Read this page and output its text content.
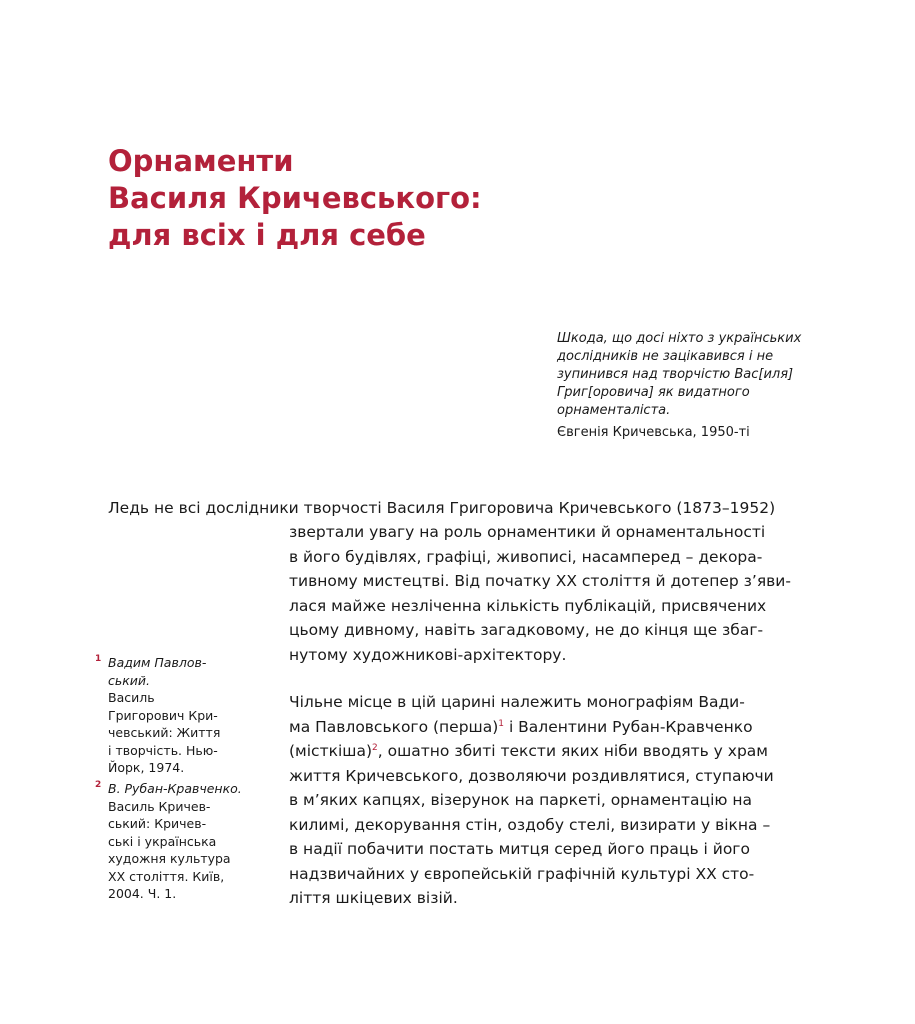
Орнаменти
Василя Кричевського:
для всіх і для себе
Шкода, що досі ніхто з українських
дослідників не зацікавився і не
зупинився над творчістю Вас[иля]
Григ[оровича] як видатного
орнаменталіста.
Євгенія Кричевська, 1950-ті
Ледь не всі дослідники творчості Василя Григоровича Кричевського (1873–1952)
звертали увагу на роль орнаментики й орнаментальності
в його будівлях, графіці, живописі, насамперед – декора-
тивному мистецтві. Від початку ХХ століття й дотепер з’яви-
лася майже незліченна кількість публікацій, присвячених
цьому дивному, навіть загадковому, не до кінця ще збаг-
нутому художникові-архітектору.
Чільне місце в цій царині належить монографіям Вади-
ма Павловського (перша)$^1$ і Валентини Рубан-Кравченко
(місткіша)$^2$, ошатно збиті тексти яких ніби вводять у храм
життя Кричевського, дозволяючи роздивлятися, ступаючи
в м’яких капцях, візерунок на паркеті, орнаментацію на
килимі, декорування стін, оздобу стелі, визирати у вікна –
в надії побачити постать митця серед його праць і його
надзвичайних у європейській графічній культурі ХХ сто-
ліття шкіцевих візій.
1 Вадим Павлов-
ський.
Василь
Григорович Кри-
чевський: Життя
і творчість. Нью-
Йорк, 1974.
2 В. Рубан-Кравченко.
Василь Кричев-
ський: Кричев-
ські і українська
художня культура
ХХ століття. Київ,
2004. Ч. 1.
